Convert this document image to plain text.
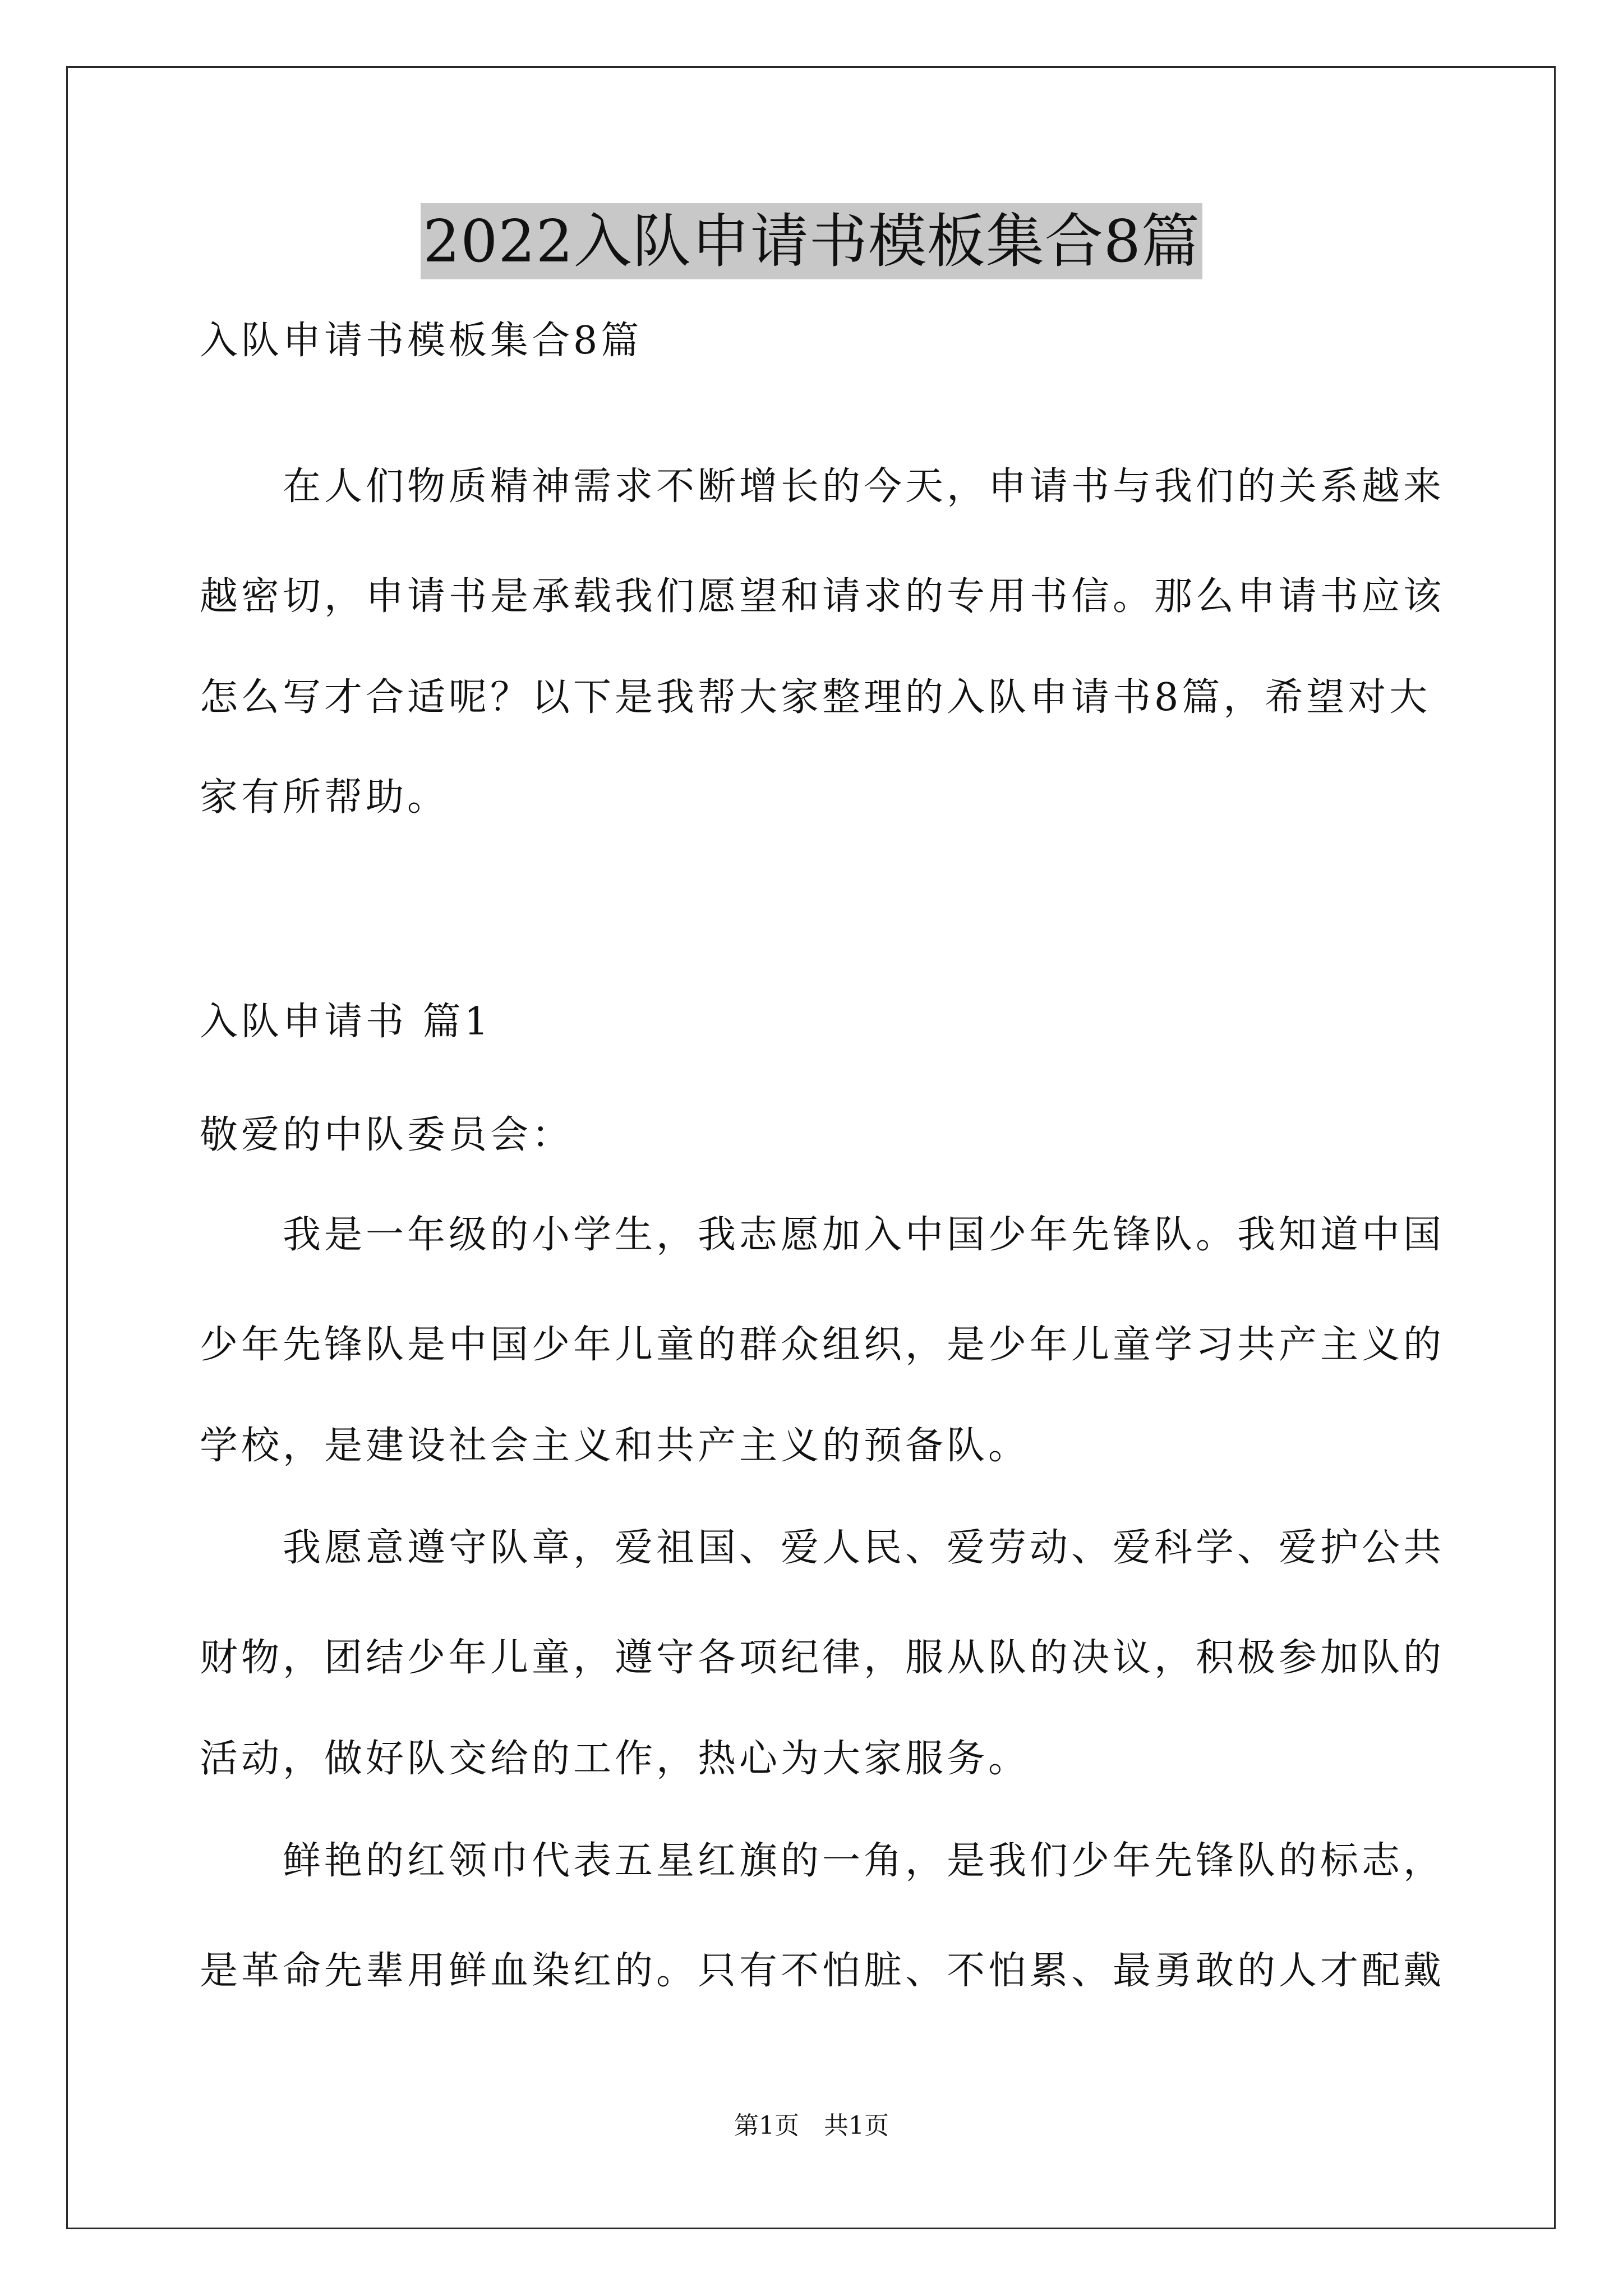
2022入队申请书模板集合8篇
入队申请书模板集合8篇
在人们物质精神需求不断增长的今天，申请书与我们的关系越来
越密切，申请书是承载我们愿望和请求的专用书信。那么申请书应该
怎么写才合适呢？以下是我帮大家整理的入队申请书8篇，希望对大
家有所帮助。
入队申请书 篇1
敬爱的中队委员会：
我是一年级的小学生，我志愿加入中国少年先锋队。我知道中国
少年先锋队是中国少年儿童的群众组织，是少年儿童学习共产主义的
学校，是建设社会主义和共产主义的预备队。
我愿意遵守队章，爱祖国、爱人民、爱劳动、爱科学、爱护公共
财物，团结少年儿童，遵守各项纪律，服从队的决议，积极参加队的
活动，做好队交给的工作，热心为大家服务。
鲜艳的红领巾代表五星红旗的一角，是我们少年先锋队的标志，
是革命先辈用鲜血染红的。只有不怕脏、不怕累、最勇敢的人才配戴
第1页　共1页
